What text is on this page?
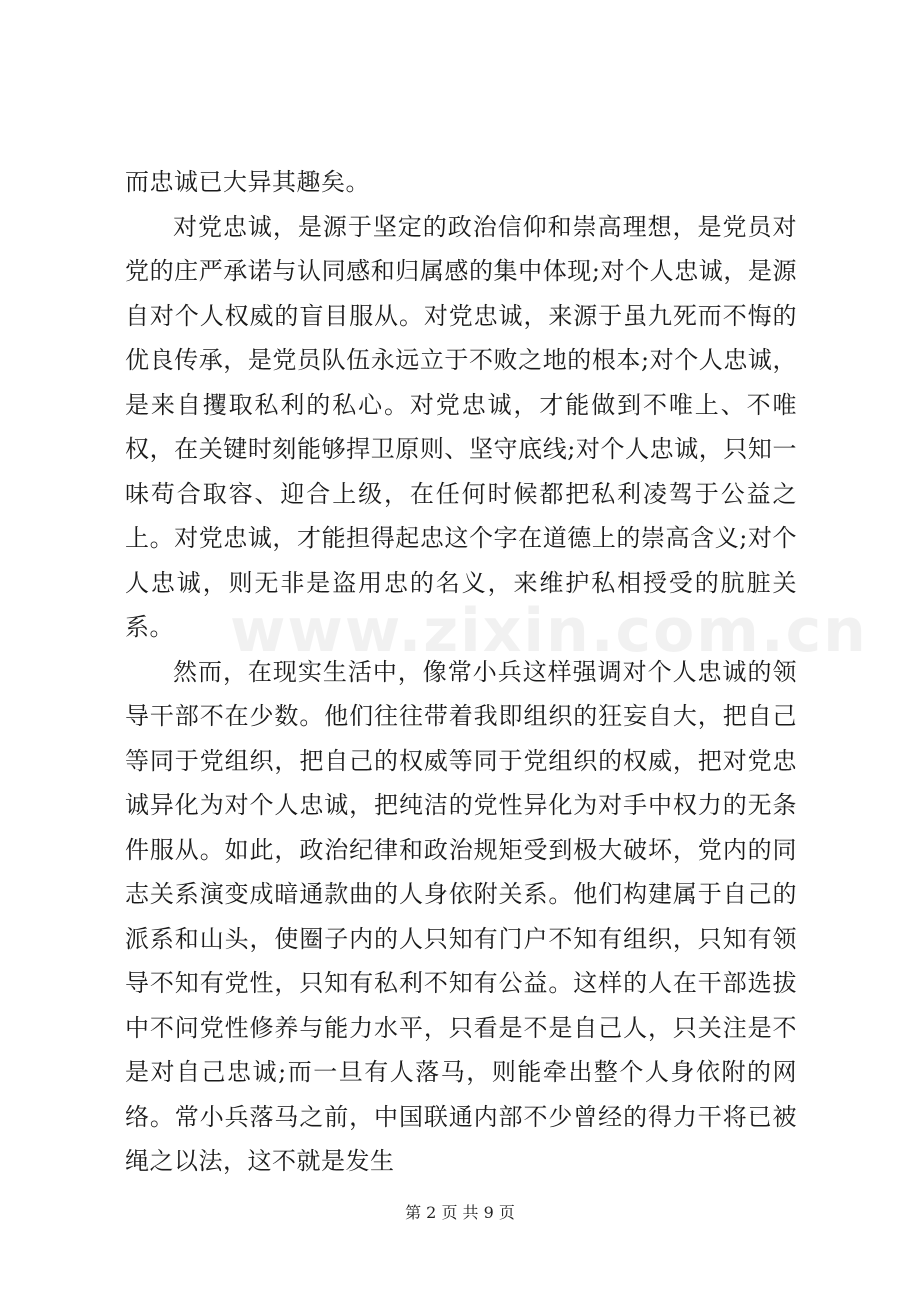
www.zixin.com.cn

而忠诚已大异其趣矣。

对党忠诚，是源于坚定的政治信仰和崇高理想，是党员对党的庄严承诺与认同感和归属感的集中体现;对个人忠诚，是源自对个人权威的盲目服从。对党忠诚，来源于虽九死而不悔的优良传承，是党员队伍永远立于不败之地的根本;对个人忠诚，是来自攫取私利的私心。对党忠诚，才能做到不唯上、不唯权，在关键时刻能够捍卫原则、坚守底线;对个人忠诚，只知一味苟合取容、迎合上级，在任何时候都把私利凌驾于公益之上。对党忠诚，才能担得起忠这个字在道德上的崇高含义;对个人忠诚，则无非是盗用忠的名义，来维护私相授受的肮脏关系。

然而，在现实生活中，像常小兵这样强调对个人忠诚的领导干部不在少数。他们往往带着我即组织的狂妄自大，把自己等同于党组织，把自己的权威等同于党组织的权威，把对党忠诚异化为对个人忠诚，把纯洁的党性异化为对手中权力的无条件服从。如此，政治纪律和政治规矩受到极大破坏，党内的同志关系演变成暗通款曲的人身依附关系。他们构建属于自己的派系和山头，使圈子内的人只知有门户不知有组织，只知有领导不知有党性，只知有私利不知有公益。这样的人在干部选拔中不问党性修养与能力水平，只看是不是自己人，只关注是不是对自己忠诚;而一旦有人落马，则能牵出整个人身依附的网络。常小兵落马之前，中国联通内部不少曾经的得力干将已被绳之以法，这不就是发生

第 2 页 共 9 页
